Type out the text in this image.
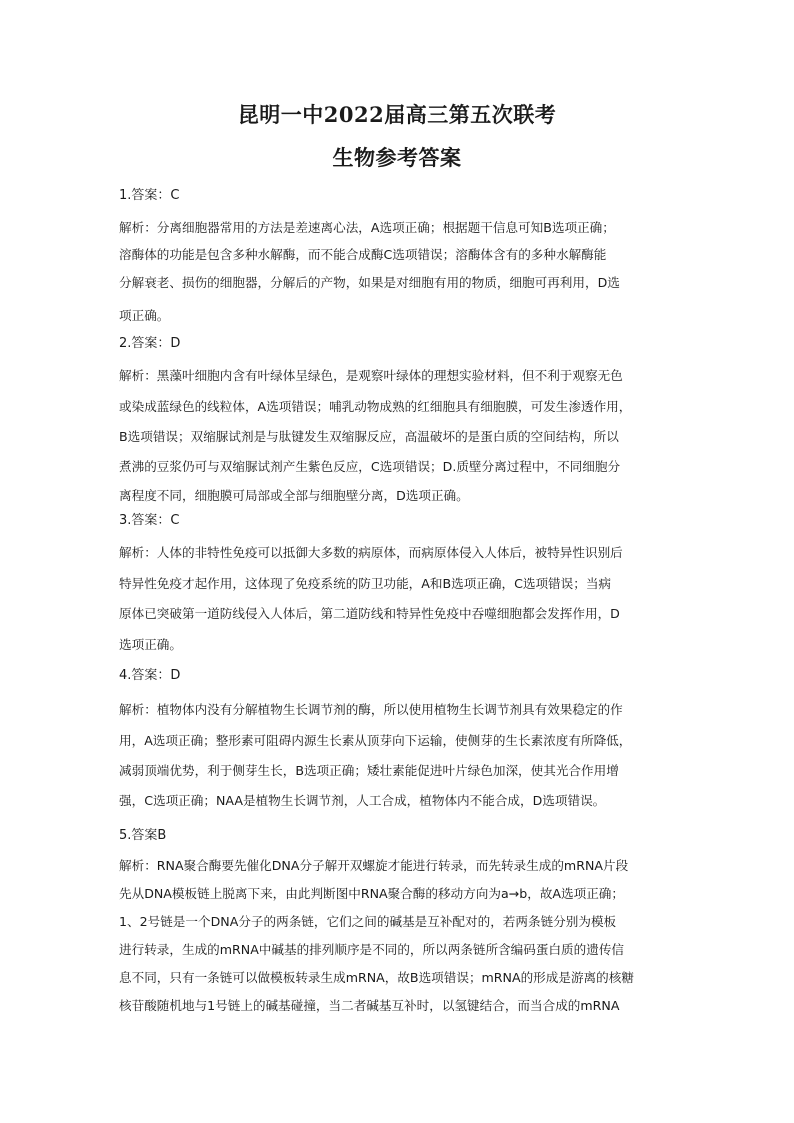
昆明一中2022届高三第五次联考
生物参考答案
1.答案：C
解析：分离细胞器常用的方法是差速离心法，A选项正确；根据题干信息可知B选项正确；
溶酶体的功能是包含多种水解酶，而不能合成酶C选项错误；溶酶体含有的多种水解酶能
分解衰老、损伤的细胞器，分解后的产物，如果是对细胞有用的物质，细胞可再利用，D选
项正确。
2.答案：D
解析：黑藻叶细胞内含有叶绿体呈绿色，是观察叶绿体的理想实验材料，但不利于观察无色
或染成蓝绿色的线粒体，A选项错误；哺乳动物成熟的红细胞具有细胞膜，可发生渗透作用，
B选项错误；双缩脲试剂是与肽键发生双缩脲反应，高温破坏的是蛋白质的空间结构，所以
煮沸的豆浆仍可与双缩脲试剂产生紫色反应，C选项错误；D.质壁分离过程中，不同细胞分
离程度不同，细胞膜可局部或全部与细胞壁分离，D选项正确。
3.答案：C
解析：人体的非特性免疫可以抵御大多数的病原体，而病原体侵入人体后，被特异性识别后
特异性免疫才起作用，这体现了免疫系统的防卫功能，A和B选项正确，C选项错误；当病
原体已突破第一道防线侵入人体后，第二道防线和特异性免疫中吞噬细胞都会发挥作用，D
选项正确。
4.答案：D
解析：植物体内没有分解植物生长调节剂的酶，所以使用植物生长调节剂具有效果稳定的作
用，A选项正确；整形素可阻碍内源生长素从顶芽向下运输，使侧芽的生长素浓度有所降低，
减弱顶端优势，利于侧芽生长，B选项正确；矮壮素能促进叶片绿色加深，使其光合作用增
强，C选项正确；NAA是植物生长调节剂，人工合成，植物体内不能合成，D选项错误。
5.答案B
解析：RNA聚合酶要先催化DNA分子解开双螺旋才能进行转录，而先转录生成的mRNA片段
先从DNA模板链上脱离下来，由此判断图中RNA聚合酶的移动方向为a→b，故A选项正确；
1、2号链是一个DNA分子的两条链，它们之间的碱基是互补配对的，若两条链分别为模板
进行转录，生成的mRNA中碱基的排列顺序是不同的，所以两条链所含编码蛋白质的遗传信
息不同，只有一条链可以做模板转录生成mRNA，故B选项错误；mRNA的形成是游离的核糖
核苷酸随机地与1号链上的碱基碰撞，当二者碱基互补时，以氢键结合，而当合成的mRNA
